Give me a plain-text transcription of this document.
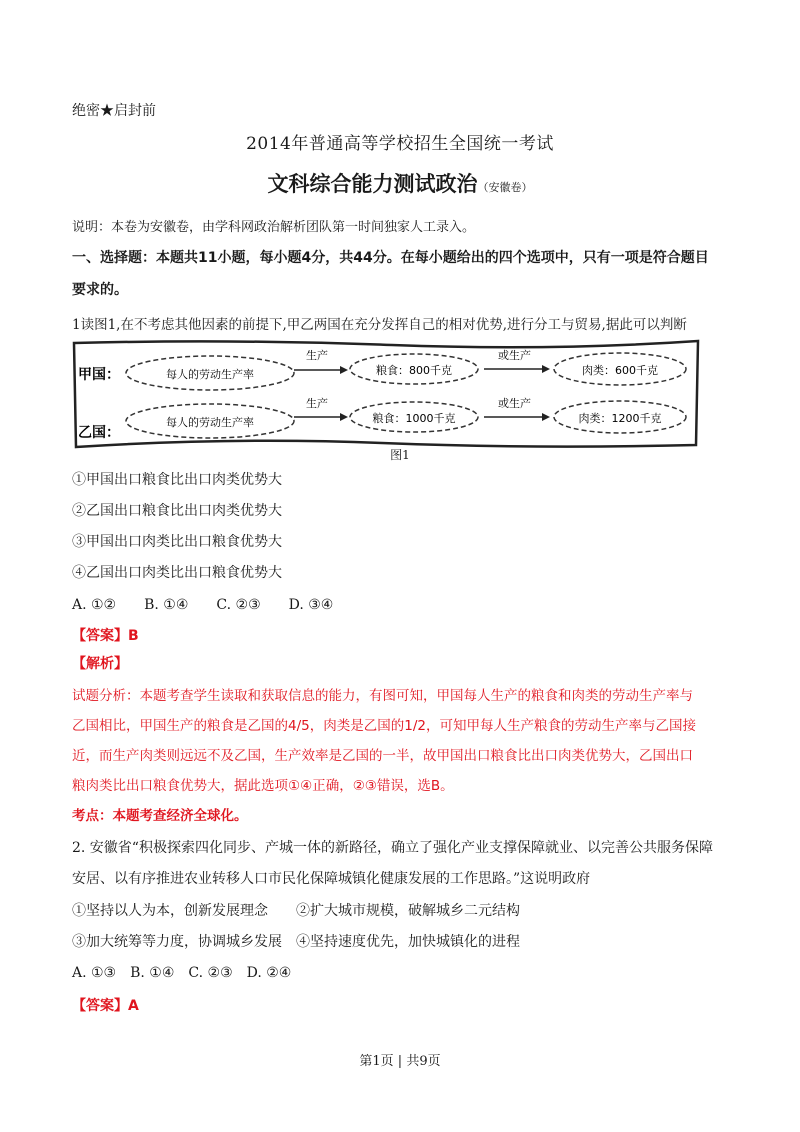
绝密★启封前
2014年普通高等学校招生全国统一考试
文科综合能力测试政治（安徽卷）
说明：本卷为安徽卷，由学科网政治解析团队第一时间独家人工录入。
一、选择题：本题共11小题，每小题4分，共44分。在每小题给出的四个选项中，只有一项是符合题目
要求的。
1读图1,在不考虑其他因素的前提下,甲乙两国在充分发挥自己的相对优势,进行分工与贸易,据此可以判断
甲国：	每人的劳动生产率
生产
粮食：800千克
或生产
肉类：600千克
乙国：
每人的劳动生产率
生产
粮食：1000千克
或生产
肉类：1200千克
图1
①甲国出口粮食比出口肉类优势大
②乙国出口粮食比出口肉类优势大
③甲国出口肉类比出口粮食优势大
④乙国出口肉类比出口粮食优势大
A. ①②　　B. ①④　　C. ②③　　D. ③④
【答案】B
【解析】
试题分析：本题考查学生读取和获取信息的能力，有图可知，甲国每人生产的粮食和肉类的劳动生产率与
乙国相比，甲国生产的粮食是乙国的4/5，肉类是乙国的1/2，可知甲每人生产粮食的劳动生产率与乙国接
近，而生产肉类则远远不及乙国，生产效率是乙国的一半，故甲国出口粮食比出口肉类优势大，乙国出口
粮肉类比出口粮食优势大，据此选项①④正确，②③错误，选B。
考点：本题考查经济全球化。
2. 安徽省“积极探索四化同步、产城一体的新路径，确立了强化产业支撑保障就业、以完善公共服务保障
安居、以有序推进农业转移人口市民化保障城镇化健康发展的工作思路。”这说明政府
①坚持以人为本，创新发展理念　　②扩大城市规模，破解城乡二元结构
③加大统筹等力度，协调城乡发展　④坚持速度优先，加快城镇化的进程
A. ①③　B. ①④　C. ②③　D. ②④
【答案】A
第1页 | 共9页
